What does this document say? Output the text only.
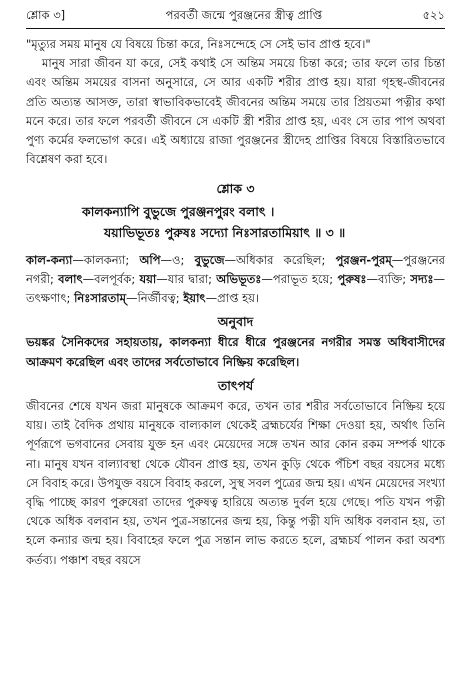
শ্লোক ৩]	পরবর্তী জন্মে পুরঞ্জনের স্ত্রীত্ব প্রাপ্তি	৫২১

"মৃত্যুর সময় মানুষ যে বিষয়ে চিন্তা করে, নিঃসন্দেহে সে সেই ভাব প্রাপ্ত হবে।"

মানুষ সারা জীবন যা করে, সেই কথাই সে অন্তিম সময়ে চিন্তা করে; তার ফলে তার চিন্তা এবং অন্তিম সময়ের বাসনা অনুসারে, সে আর একটি শরীর প্রাপ্ত হয়। যারা গৃহস্থ-জীবনের প্রতি অত্যন্ত আসক্ত, তারা স্বাভাবিকভাবেই জীবনের অন্তিম সময়ে তার প্রিয়তমা পত্নীর কথা মনে করে। তার ফলে পরবর্তী জীবনে সে একটি স্ত্রী শরীর প্রাপ্ত হয়, এবং সে তার পাপ অথবা পুণ্য কর্মের ফলভোগ করে। এই অধ্যায়ে রাজা পুরঞ্জনের স্ত্রীদেহ প্রাপ্তির বিষয়ে বিস্তারিতভাবে বিশ্লেষণ করা হবে।

শ্লোক ৩
কালকন্যাপি বুভুজে পুরঞ্জনপুরং বলাৎ ।
যয়াভিভূতঃ পুরুষঃ সদ্যো নিঃসারতামিয়াৎ ॥ ৩ ॥

কাল-কন্যা—কালকন্যা; অপি—ও; বুভুজে—অধিকার করেছিল; পুরঞ্জন-পুরম্—পুরঞ্জনের নগরী; বলাৎ—বলপূর্বক; যয়া—যার দ্বারা; অভিভূতঃ—পরাভূত হয়ে; পুরুষঃ—ব্যক্তি; সদ্যঃ—তৎক্ষণাৎ; নিঃসারতাম্—নির্জীবত্ব; ইয়াৎ—প্রাপ্ত হয়।

অনুবাদ

ভয়ঙ্কর সৈনিকদের সহায়তায়, কালকন্যা ধীরে ধীরে পুরঞ্জনের নগরীর সমস্ত অধিবাসীদের আক্রমণ করেছিল এবং তাদের সর্বতোভাবে নিষ্ক্রিয় করেছিল।

তাৎপর্য

জীবনের শেষে যখন জরা মানুষকে আক্রমণ করে, তখন তার শরীর সর্বতোভাবে নিষ্ক্রিয় হয়ে যায়। তাই বৈদিক প্রথায় মানুষকে বাল্যকাল থেকেই ব্রহ্মচর্যের শিক্ষা দেওয়া হয়, অর্থাৎ তিনি পূর্ণরূপে ভগবানের সেবায় যুক্ত হন এবং মেয়েদের সঙ্গে তখন আর কোন রকম সম্পর্ক থাকে না। মানুষ যখন বাল্যাবস্থা থেকে যৌবন প্রাপ্ত হয়, তখন কুড়ি থেকে পঁচিশ বছর বয়সের মধ্যে সে বিবাহ করে। উপযুক্ত বয়সে বিবাহ করলে, সুস্থ সবল পুত্রের জন্ম হয়। এখন মেয়েদের সংখ্যা বৃদ্ধি পাচ্ছে কারণ পুরুষেরা তাদের পুরুষত্ব হারিয়ে অত্যন্ত দুর্বল হয়ে গেছে। পতি যখন পত্নী থেকে অধিক বলবান হয়, তখন পুত্র-সন্তানের জন্ম হয়, কিন্তু পত্নী যদি অধিক বলবান হয়, তা হলে কন্যার জন্ম হয়। বিবাহের ফলে পুত্র সন্তান লাভ করতে হলে, ব্রহ্মচর্য পালন করা অবশ্য কর্তব্য। পঞ্চাশ বছর বয়সে
